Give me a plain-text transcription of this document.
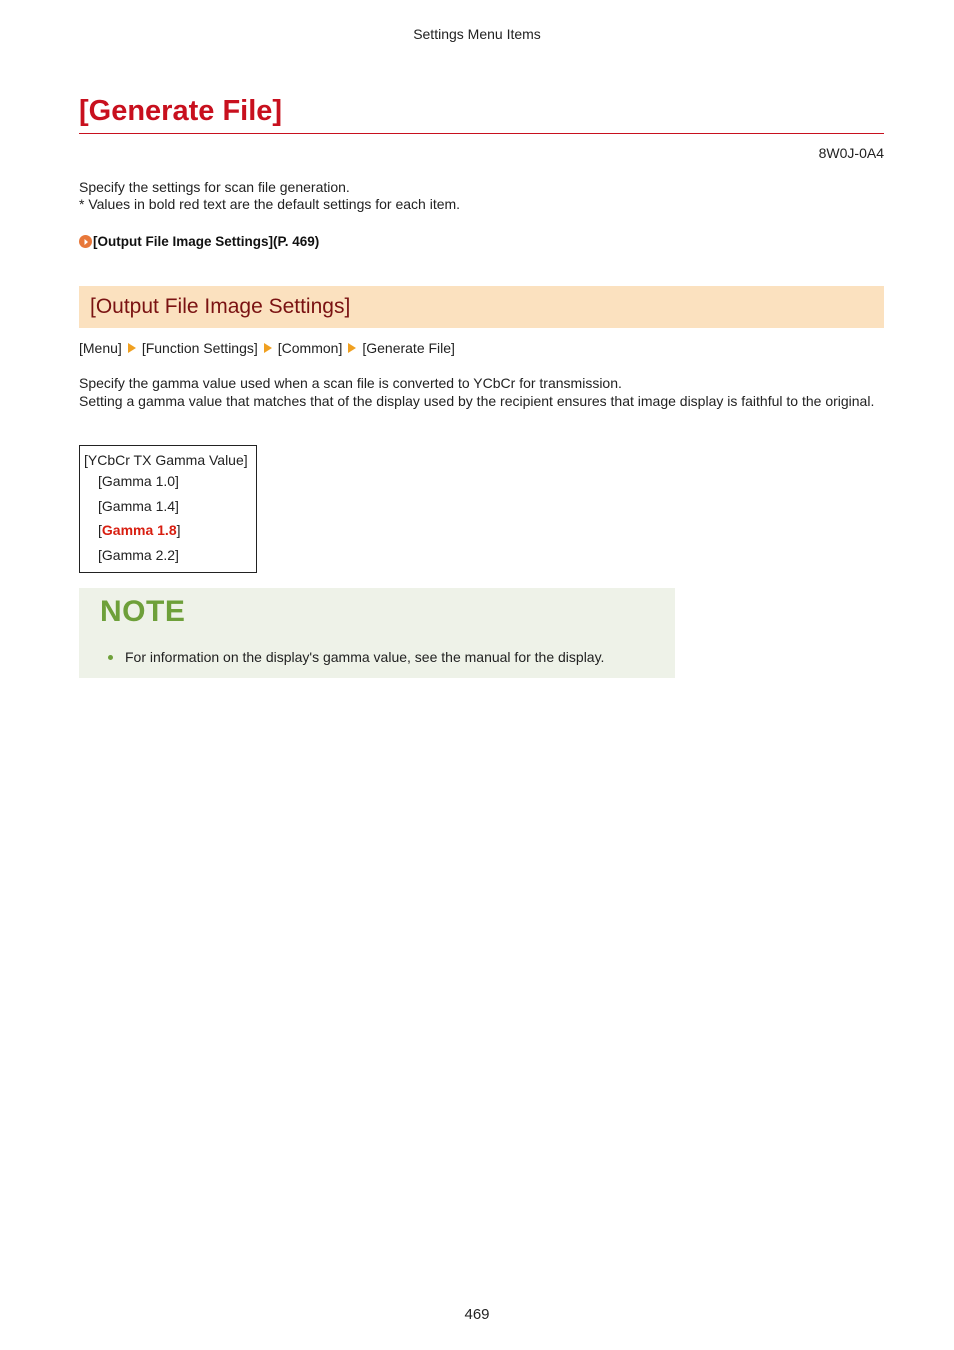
Settings Menu Items
[Generate File]
8W0J-0A4
Specify the settings for scan file generation.
* Values in bold red text are the default settings for each item.
[Output File Image Settings](P. 469)
[Output File Image Settings]
[Menu] [Function Settings] [Common] [Generate File]
Specify the gamma value used when a scan file is converted to YCbCr for transmission.
Setting a gamma value that matches that of the display used by the recipient ensures that image display is faithful to the original.
[YCbCr TX Gamma Value]
[Gamma 1.0]
[Gamma 1.4]
[Gamma 1.8]
[Gamma 2.2]
NOTE
For information on the display's gamma value, see the manual for the display.
469
